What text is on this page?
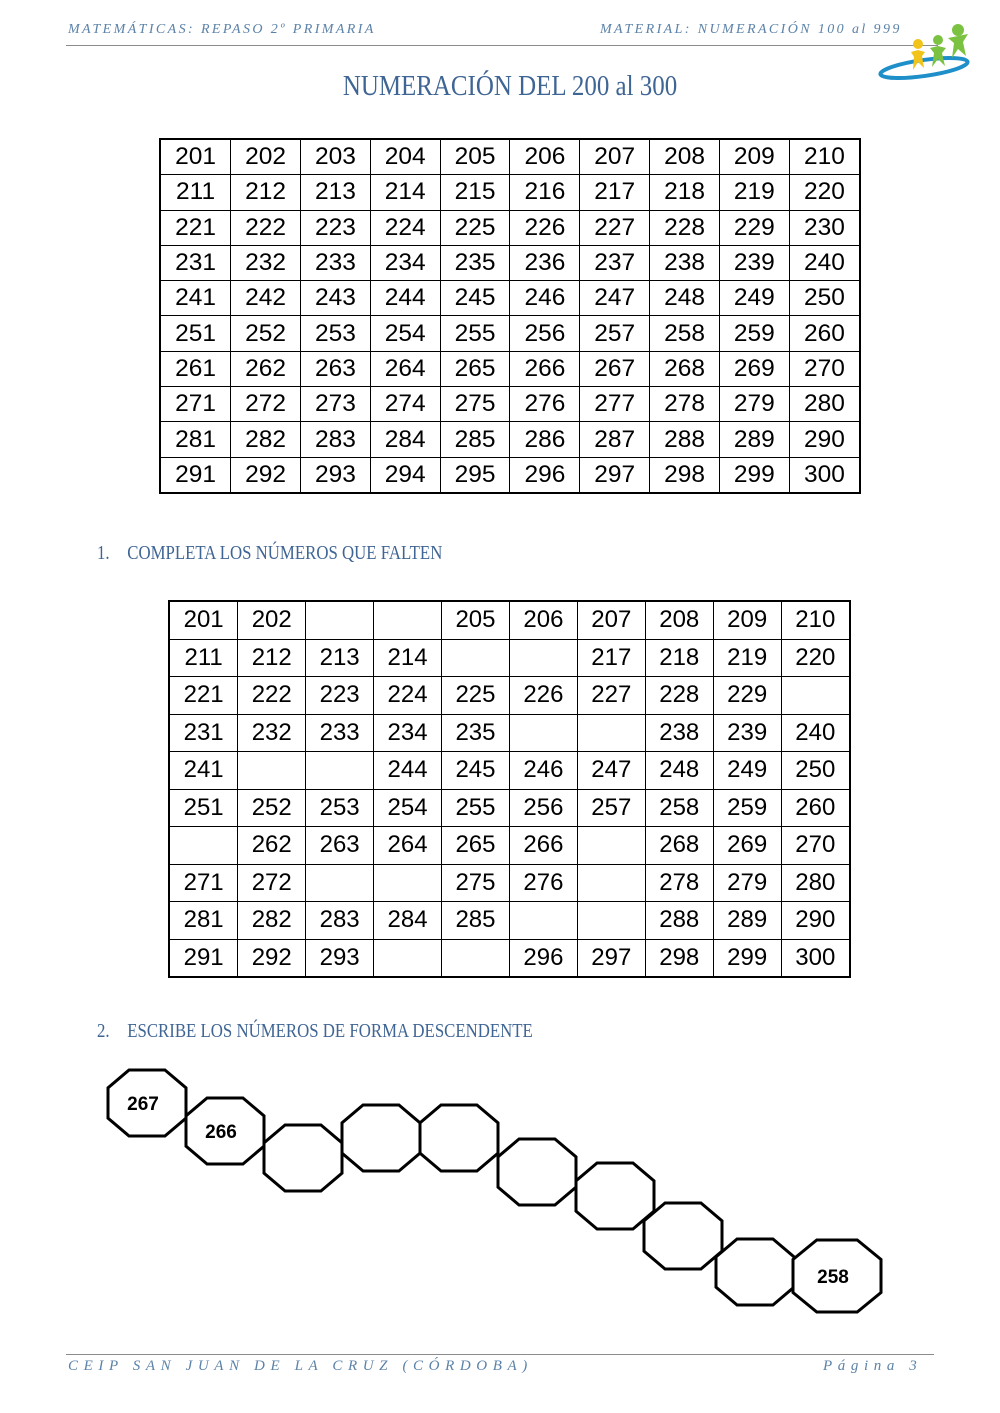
MATEMÁTICAS: REPASO 2º PRIMARIA	MATERIAL: NUMERACIÓN 100 al 999
NUMERACIÓN DEL 200 al 300
201	202	203	204	205	206	207	208	209	210
211	212	213	214	215	216	217	218	219	220
221	222	223	224	225	226	227	228	229	230
231	232	233	234	235	236	237	238	239	240
241	242	243	244	245	246	247	248	249	250
251	252	253	254	255	256	257	258	259	260
261	262	263	264	265	266	267	268	269	270
271	272	273	274	275	276	277	278	279	280
281	282	283	284	285	286	287	288	289	290
291	292	293	294	295	296	297	298	299	300
1. COMPLETA LOS NÚMEROS QUE FALTEN
201	202			205	206	207	208	209	210
211	212	213	214			217	218	219	220
221	222	223	224	225	226	227	228	229	
231	232	233	234	235			238	239	240
241			244	245	246	247	248	249	250
251	252	253	254	255	256	257	258	259	260
	262	263	264	265	266		268	269	270
271	272			275	276		278	279	280
281	282	283	284	285			288	289	290
291	292	293			296	297	298	299	300
2. ESCRIBE LOS NÚMEROS DE FORMA DESCENDENTE
267
266
258
CEIP SAN JUAN DE LA CRUZ (CÓRDOBA)	Página 3
